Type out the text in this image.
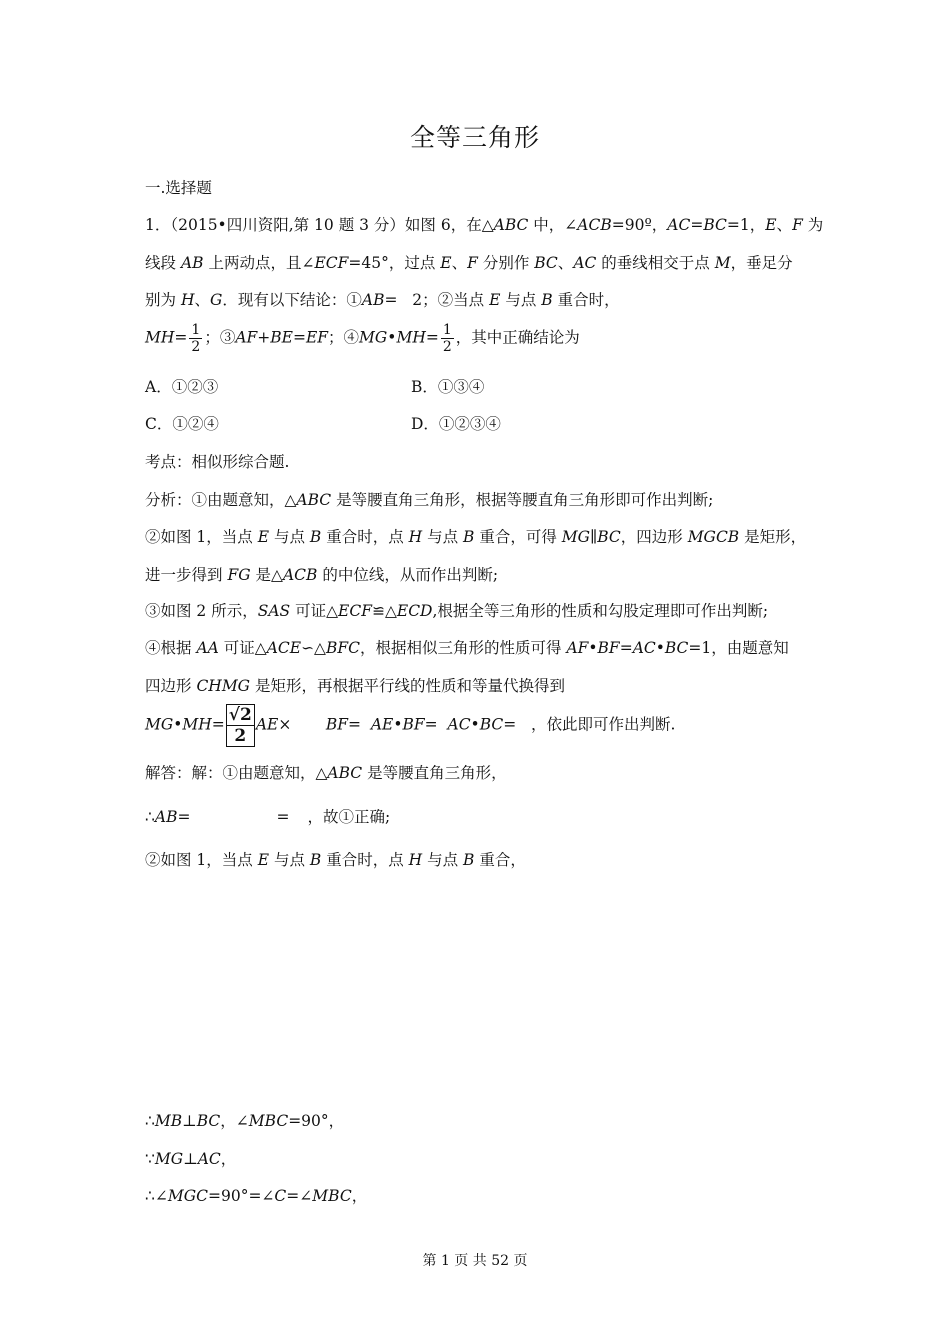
全等三角形
一.选择题
1．（2015•四川资阳,第 10 题 3 分）如图 6，在△ABC 中，∠ACB=90º，AC=BC=1，E、F 为
线段 AB 上两动点，且∠ECF=45°，过点 E、F 分别作 BC、AC 的垂线相交于点 M，垂足分
别为 H、G．现有以下结论：①AB= 2；②当点 E 与点 B 重合时，
$MH= \frac{1}{2}$ ；③AF+BE=EF；④MG•MH= $\frac{1}{2}$ ，其中正确结论为
A．①②③	B．①③④
C．①②④	D．①②③④
考点：相似形综合题.
分析：①由题意知，△ABC 是等腰直角三角形，根据等腰直角三角形即可作出判断;
②如图 1，当点 E 与点 B 重合时，点 H 与点 B 重合，可得 MG∥BC，四边形 MGCB 是矩形，
进一步得到 FG 是△ACB 的中位线，从而作出判断;
③如图 2 所示，SAS 可证△ECF≌△ECD,根据全等三角形的性质和勾股定理即可作出判断;
④根据 AA 可证△ACE∽△BFC，根据相似三角形的性质可得 AF•BF=AC•BC=1，由题意知
四边形 CHMG 是矩形，再根据平行线的性质和等量代换得到
MG•MH= $\frac{√2}{2} AE\times BF=$ AE•BF= AC•BC= ，依此即可作出判断.
解答：解：①由题意知，△ABC 是等腰直角三角形，
∴AB=	= ，故①正确;
②如图 1，当点 E 与点 B 重合时，点 H 与点 B 重合，
∴MB⊥BC，∠MBC=90°，
∵MG⊥AC，
∴∠MGC=90°=∠C=∠MBC，
第 1 页 共 52 页
